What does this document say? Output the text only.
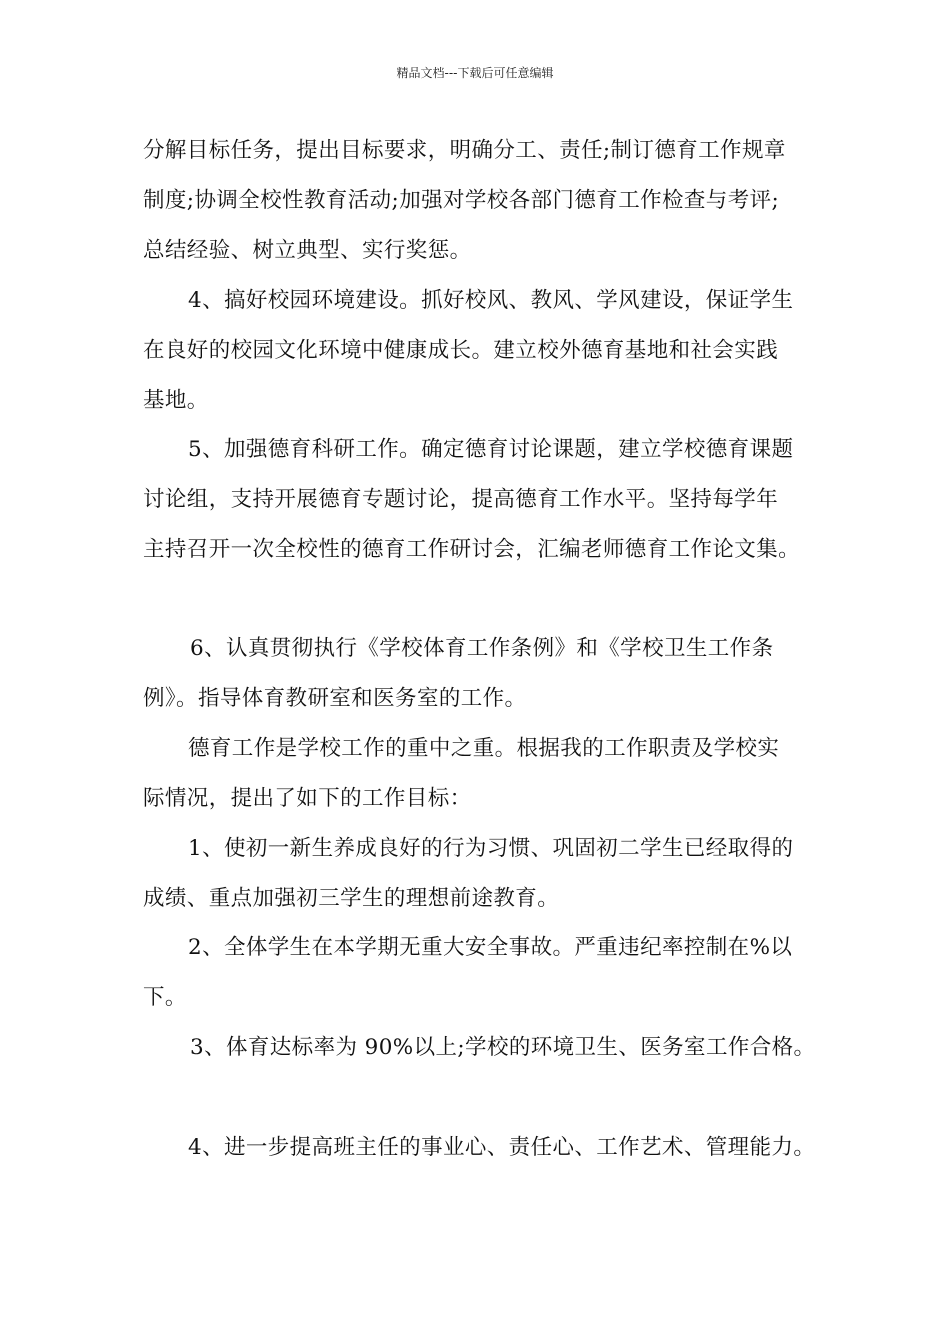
精品文档---下载后可任意编辑
分解目标任务，提出目标要求，明确分工、责任;制订德育工作规章
制度;协调全校性教育活动;加强对学校各部门德育工作检查与考评;
总结经验、树立典型、实行奖惩。
4、搞好校园环境建设。抓好校风、教风、学风建设，保证学生
在良好的校园文化环境中健康成长。建立校外德育基地和社会实践
基地。
5、加强德育科研工作。确定德育讨论课题，建立学校德育课题
讨论组，支持开展德育专题讨论，提高德育工作水平。坚持每学年
主持召开一次全校性的德育工作研讨会，汇编老师德育工作论文集。
6、认真贯彻执行《学校体育工作条例》和《学校卫生工作条
例》。指导体育教研室和医务室的工作。
德育工作是学校工作的重中之重。根据我的工作职责及学校实
际情况，提出了如下的工作目标：
1、使初一新生养成良好的行为习惯、巩固初二学生已经取得的
成绩、重点加强初三学生的理想前途教育。
2、全体学生在本学期无重大安全事故。严重违纪率控制在%以
下。
3、体育达标率为 90%以上;学校的环境卫生、医务室工作合格。
4、进一步提高班主任的事业心、责任心、工作艺术、管理能力。
